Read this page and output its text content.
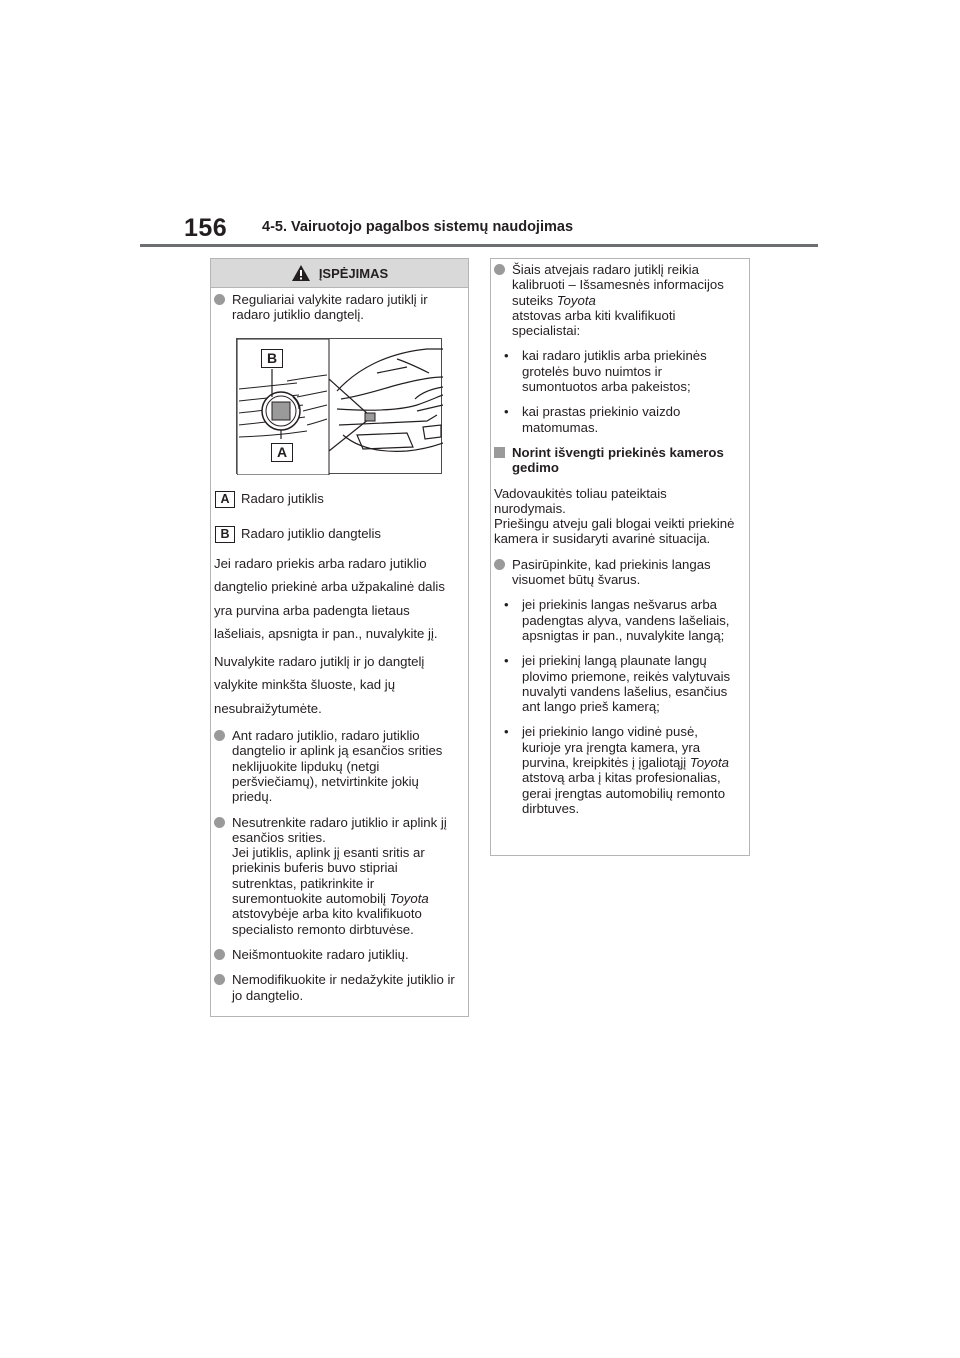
156 4-5. Vairuotojo pagalbos sistemų naudojimas
ĮSPĖJIMAS
Reguliariai valykite radaro jutiklį ir radaro jutiklio dangtelį.
B
A
A Radaro jutiklis
B Radaro jutiklio dangtelis

Jei radaro priekis arba radaro jutiklio dangtelio priekinė arba užpakalinė dalis yra purvina arba padengta lietaus lašeliais, apsnigta ir pan., nuvalykite jį.

Nuvalykite radaro jutiklį ir jo dangtelį valykite minkšta šluoste, kad jų nesubraižytumėte.

Ant radaro jutiklio, radaro jutiklio dangtelio ir aplink ją esančios srities neklijuokite lipdukų (netgi peršviečiamų), netvirtinkite jokių priedų.
Nesutrenkite radaro jutiklio ir aplink jį esančios srities.
Jei jutiklis, aplink jį esanti sritis ar priekinis buferis buvo stipriai sutrenktas, patikrinkite ir suremontuokite automobilį Toyota atstovybėje arba kito kvalifikuoto specialisto remonto dirbtuvėse.
Neišmontuokite radaro jutiklių.
Nemodifikuokite ir nedažykite jutiklio ir jo dangtelio.
Šiais atvejais radaro jutiklį reikia kalibruoti – Išsamesnės informacijos suteiks Toyota
atstovas arba kiti kvalifikuoti specialistai:
• kai radaro jutiklis arba priekinės grotelės buvo nuimtos ir sumontuotos arba pakeistos;
• kai prastas priekinio vaizdo matomumas.
Norint išvengti priekinės kameros gedimo
Vadovaukitės toliau pateiktais nurodymais.
Priešingu atveju gali blogai veikti priekinė kamera ir susidaryti avarinė situacija.
Pasirūpinkite, kad priekinis langas visuomet būtų švarus.
• jei priekinis langas nešvarus arba padengtas alyva, vandens lašeliais, apsnigtas ir pan., nuvalykite langą;
• jei priekinį langą plaunate langų plovimo priemone, reikės valytuvais nuvalyti vandens lašelius, esančius ant lango prieš kamerą;
• jei priekinio lango vidinė pusė, kurioje yra įrengta kamera, yra purvina, kreipkitės į įgaliotąjį Toyota atstovą arba į kitas profesionalias, gerai įrengtas automobilių remonto dirbtuves.
